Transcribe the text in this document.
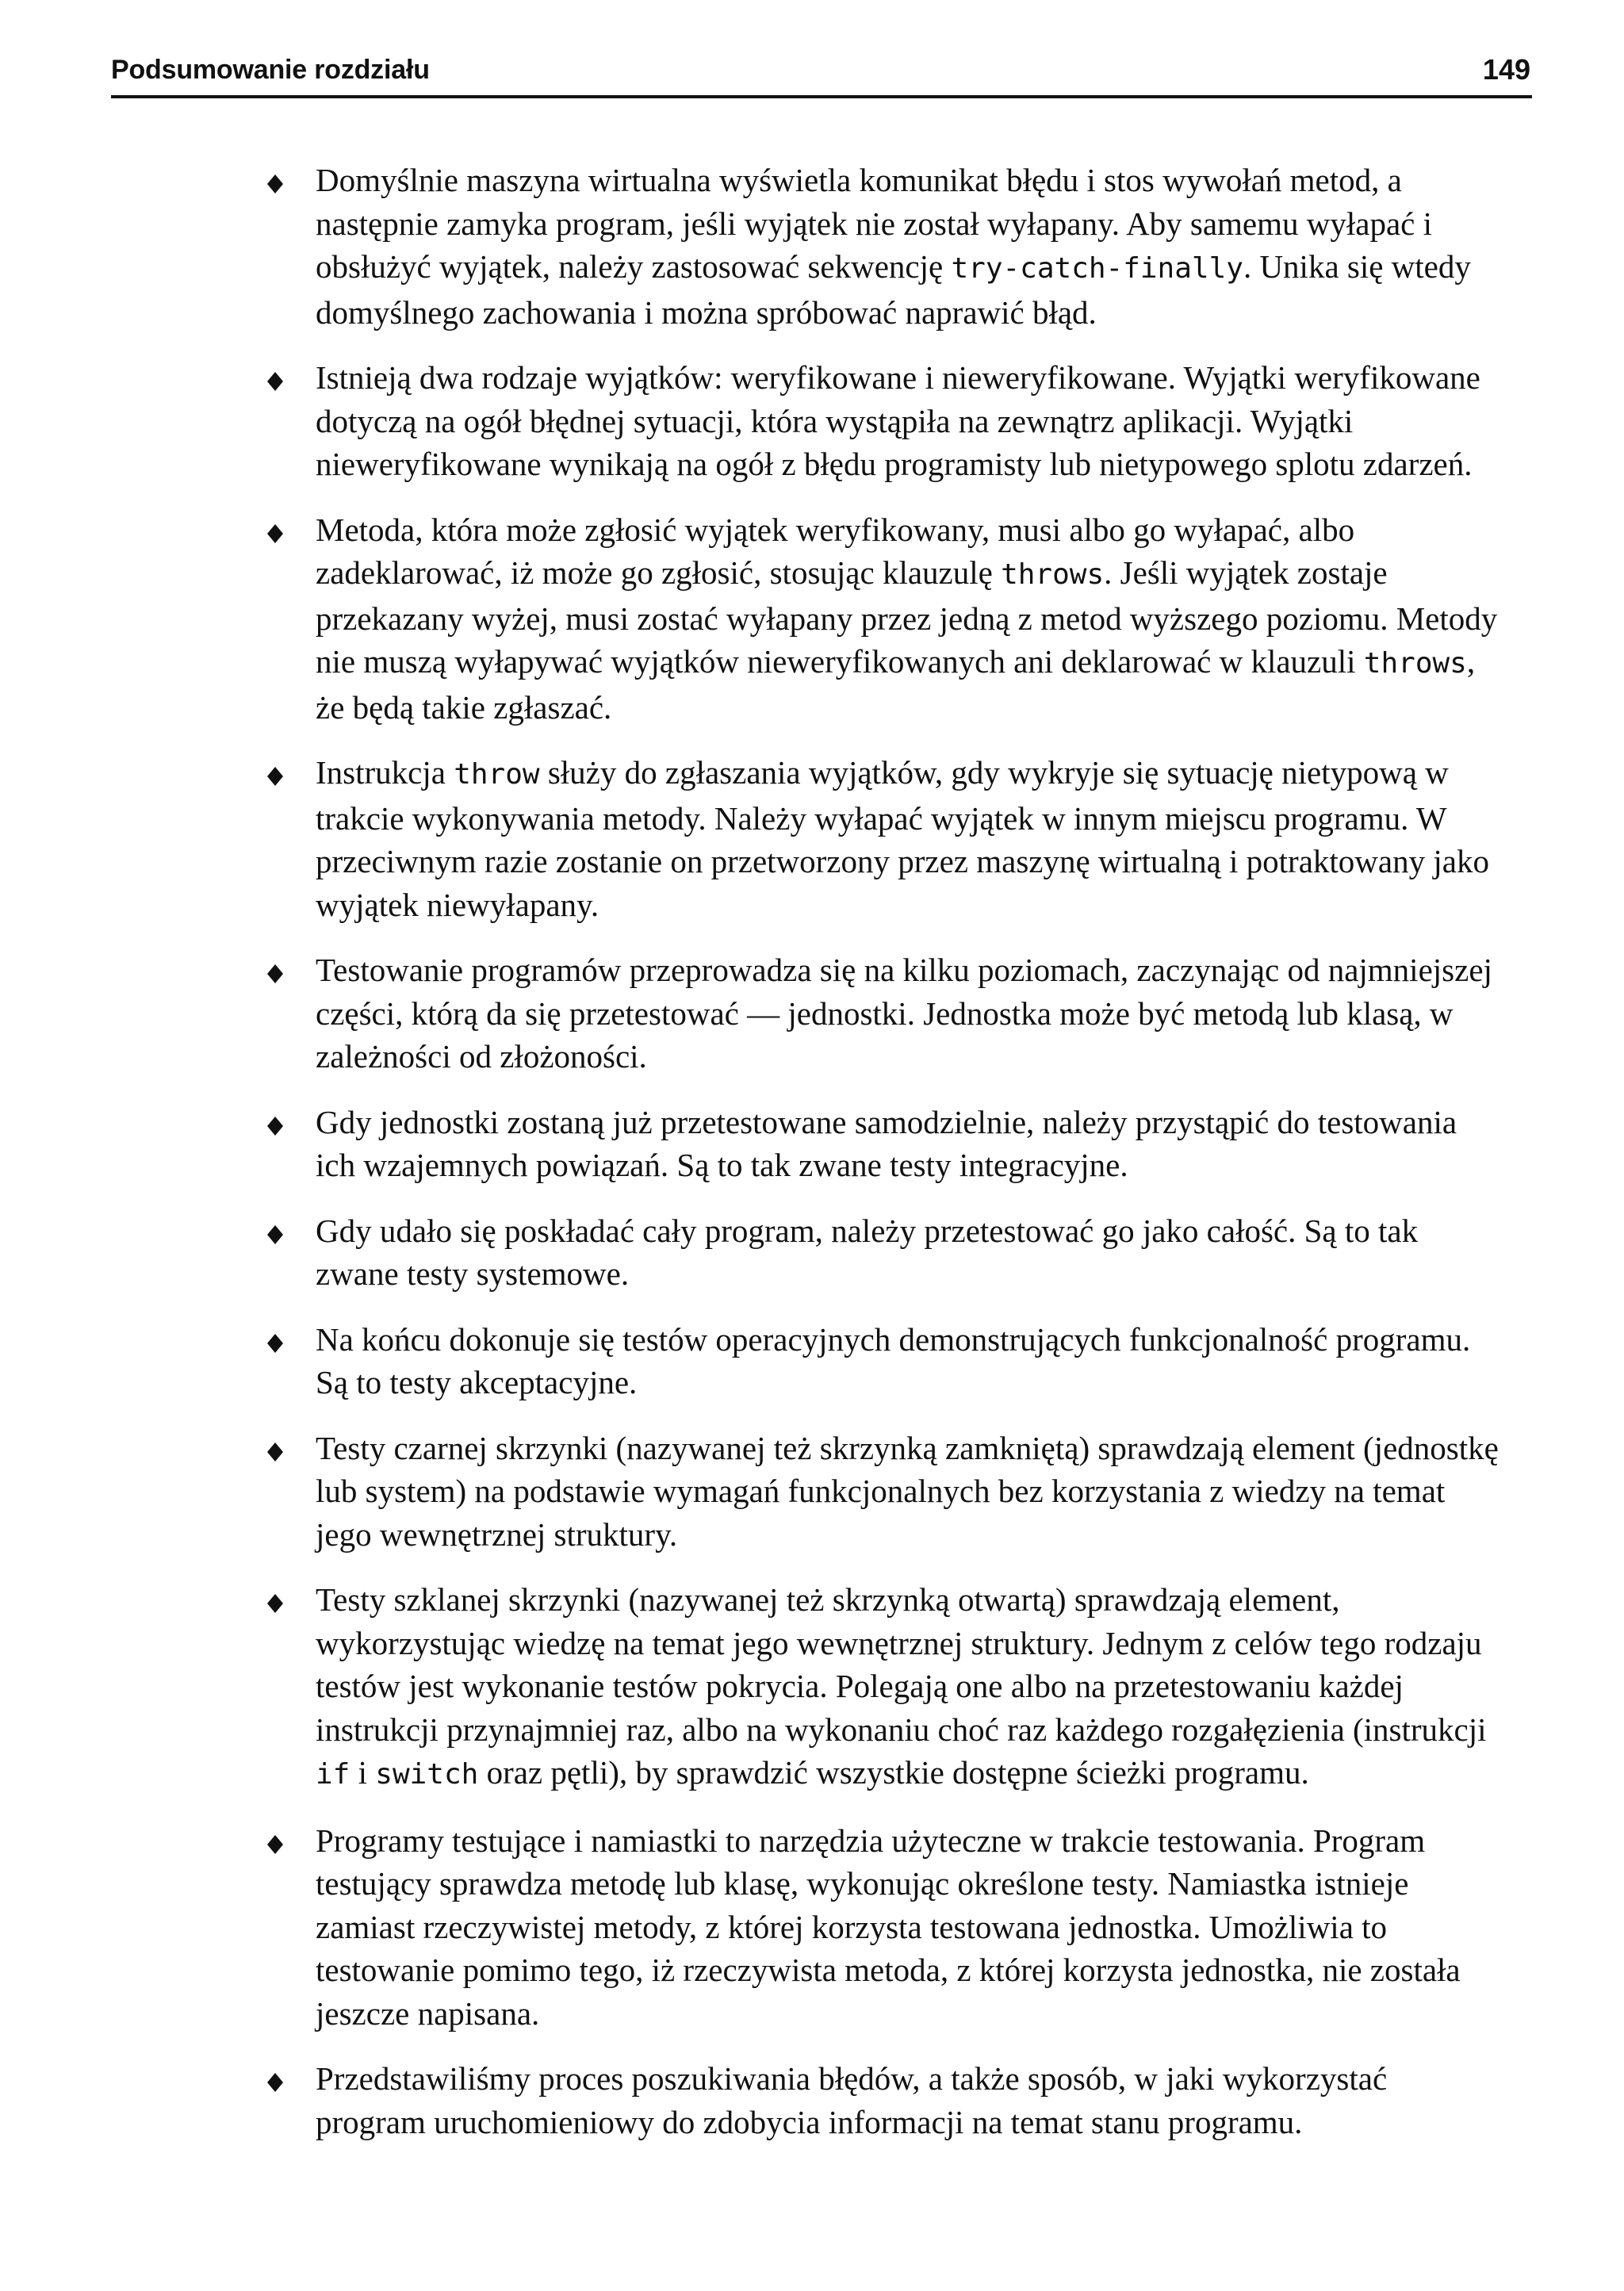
Podsumowanie rozdziału	149
Domyślnie maszyna wirtualna wyświetla komunikat błędu i stos wywołań metod, a następnie zamyka program, jeśli wyjątek nie został wyłapany. Aby samemu wyłapać i obsłużyć wyjątek, należy zastosować sekwencję try-catch-finally. Unika się wtedy domyślnego zachowania i można spróbować naprawić błąd.
Istnieją dwa rodzaje wyjątków: weryfikowane i nieweryfikowane. Wyjątki weryfikowane dotyczą na ogół błędnej sytuacji, która wystąpiła na zewnątrz aplikacji. Wyjątki nieweryfikowane wynikają na ogół z błędu programisty lub nietypowego splotu zdarzeń.
Metoda, która może zgłosić wyjątek weryfikowany, musi albo go wyłapać, albo zadeklarować, iż może go zgłosić, stosując klauzulę throws. Jeśli wyjątek zostaje przekazany wyżej, musi zostać wyłapany przez jedną z metod wyższego poziomu. Metody nie muszą wyłapywać wyjątków nieweryfikowanych ani deklarować w klauzuli throws, że będą takie zgłaszać.
Instrukcja throw służy do zgłaszania wyjątków, gdy wykryje się sytuację nietypową w trakcie wykonywania metody. Należy wyłapać wyjątek w innym miejscu programu. W przeciwnym razie zostanie on przetworzony przez maszynę wirtualną i potraktowany jako wyjątek niewyłapany.
Testowanie programów przeprowadza się na kilku poziomach, zaczynając od najmniejszej części, którą da się przetestować — jednostki. Jednostka może być metodą lub klasą, w zależności od złożoności.
Gdy jednostki zostaną już przetestowane samodzielnie, należy przystąpić do testowania ich wzajemnych powiązań. Są to tak zwane testy integracyjne.
Gdy udało się poskładać cały program, należy przetestować go jako całość. Są to tak zwane testy systemowe.
Na końcu dokonuje się testów operacyjnych demonstrujących funkcjonalność programu. Są to testy akceptacyjne.
Testy czarnej skrzynki (nazywanej też skrzynką zamkniętą) sprawdzają element (jednostkę lub system) na podstawie wymagań funkcjonalnych bez korzystania z wiedzy na temat jego wewnętrznej struktury.
Testy szklanej skrzynki (nazywanej też skrzynką otwartą) sprawdzają element, wykorzystując wiedzę na temat jego wewnętrznej struktury. Jednym z celów tego rodzaju testów jest wykonanie testów pokrycia. Polegają one albo na przetestowaniu każdej instrukcji przynajmniej raz, albo na wykonaniu choć raz każdego rozgałęzienia (instrukcji if i switch oraz pętli), by sprawdzić wszystkie dostępne ścieżki programu.
Programy testujące i namiastki to narzędzia użyteczne w trakcie testowania. Program testujący sprawdza metodę lub klasę, wykonując określone testy. Namiastka istnieje zamiast rzeczywistej metody, z której korzysta testowana jednostka. Umożliwia to testowanie pomimo tego, iż rzeczywista metoda, z której korzysta jednostka, nie została jeszcze napisana.
Przedstawiliśmy proces poszukiwania błędów, a także sposób, w jaki wykorzystać program uruchomieniowy do zdobycia informacji na temat stanu programu.
